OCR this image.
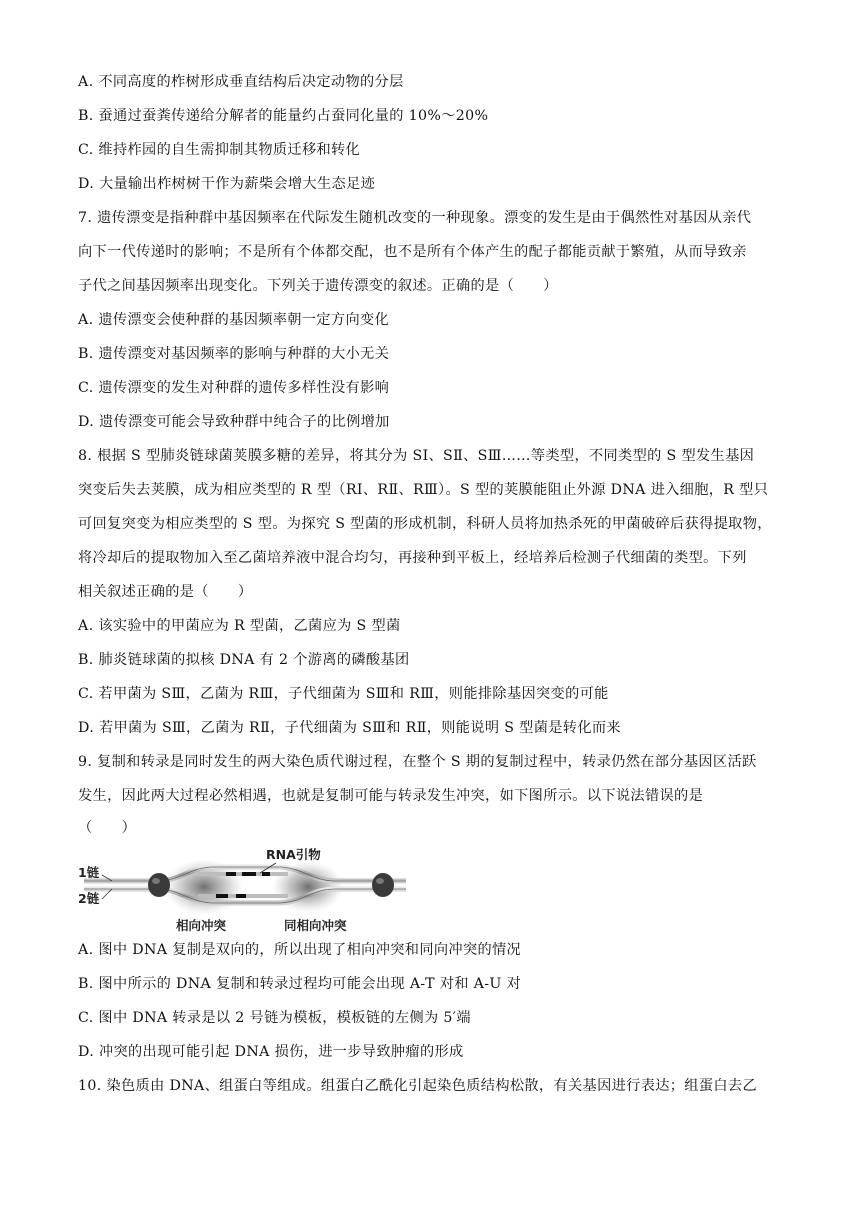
A. 不同高度的柞树形成垂直结构后决定动物的分层
B. 蚕通过蚕粪传递给分解者的能量约占蚕同化量的 10%～20%
C. 维持柞园的自生需抑制其物质迁移和转化
D. 大量输出柞树树干作为薪柴会增大生态足迹
7. 遗传漂变是指种群中基因频率在代际发生随机改变的一种现象。漂变的发生是由于偶然性对基因从亲代
向下一代传递时的影响；不是所有个体都交配，也不是所有个体产生的配子都能贡献于繁殖，从而导致亲
子代之间基因频率出现变化。下列关于遗传漂变的叙述。正确的是（　　）
A. 遗传漂变会使种群的基因频率朝一定方向变化
B. 遗传漂变对基因频率的影响与种群的大小无关
C. 遗传漂变的发生对种群的遗传多样性没有影响
D. 遗传漂变可能会导致种群中纯合子的比例增加
8. 根据 S 型肺炎链球菌荚膜多糖的差异，将其分为 SⅠ、SⅡ、SⅢ……等类型，不同类型的 S 型发生基因
突变后失去荚膜，成为相应类型的 R 型（RⅠ、RⅡ、RⅢ）。S 型的荚膜能阻止外源 DNA 进入细胞，R 型只
可回复突变为相应类型的 S 型。为探究 S 型菌的形成机制，科研人员将加热杀死的甲菌破碎后获得提取物，
将冷却后的提取物加入至乙菌培养液中混合均匀，再接种到平板上，经培养后检测子代细菌的类型。下列
相关叙述正确的是（　　）
A. 该实验中的甲菌应为 R 型菌，乙菌应为 S 型菌
B. 肺炎链球菌的拟核 DNA 有 2 个游离的磷酸基团
C. 若甲菌为 SⅢ，乙菌为 RⅢ，子代细菌为 SⅢ和 RⅢ，则能排除基因突变的可能
D. 若甲菌为 SⅢ，乙菌为 RⅡ，子代细菌为 SⅢ和 RⅡ，则能说明 S 型菌是转化而来
9. 复制和转录是同时发生的两大染色质代谢过程，在整个 S 期的复制过程中，转录仍然在部分基因区活跃
发生，因此两大过程必然相遇，也就是复制可能与转录发生冲突，如下图所示。以下说法错误的是
（　　）
1链
2链
RNA引物
相向冲突	同相向冲突
A. 图中 DNA 复制是双向的，所以出现了相向冲突和同向冲突的情况
B. 图中所示的 DNA 复制和转录过程均可能会出现 A-T 对和 A-U 对
C. 图中 DNA 转录是以 2 号链为模板，模板链的左侧为 5′端
D. 冲突的出现可能引起 DNA 损伤，进一步导致肿瘤的形成
10. 染色质由 DNA、组蛋白等组成。组蛋白乙酰化引起染色质结构松散，有关基因进行表达；组蛋白去乙
